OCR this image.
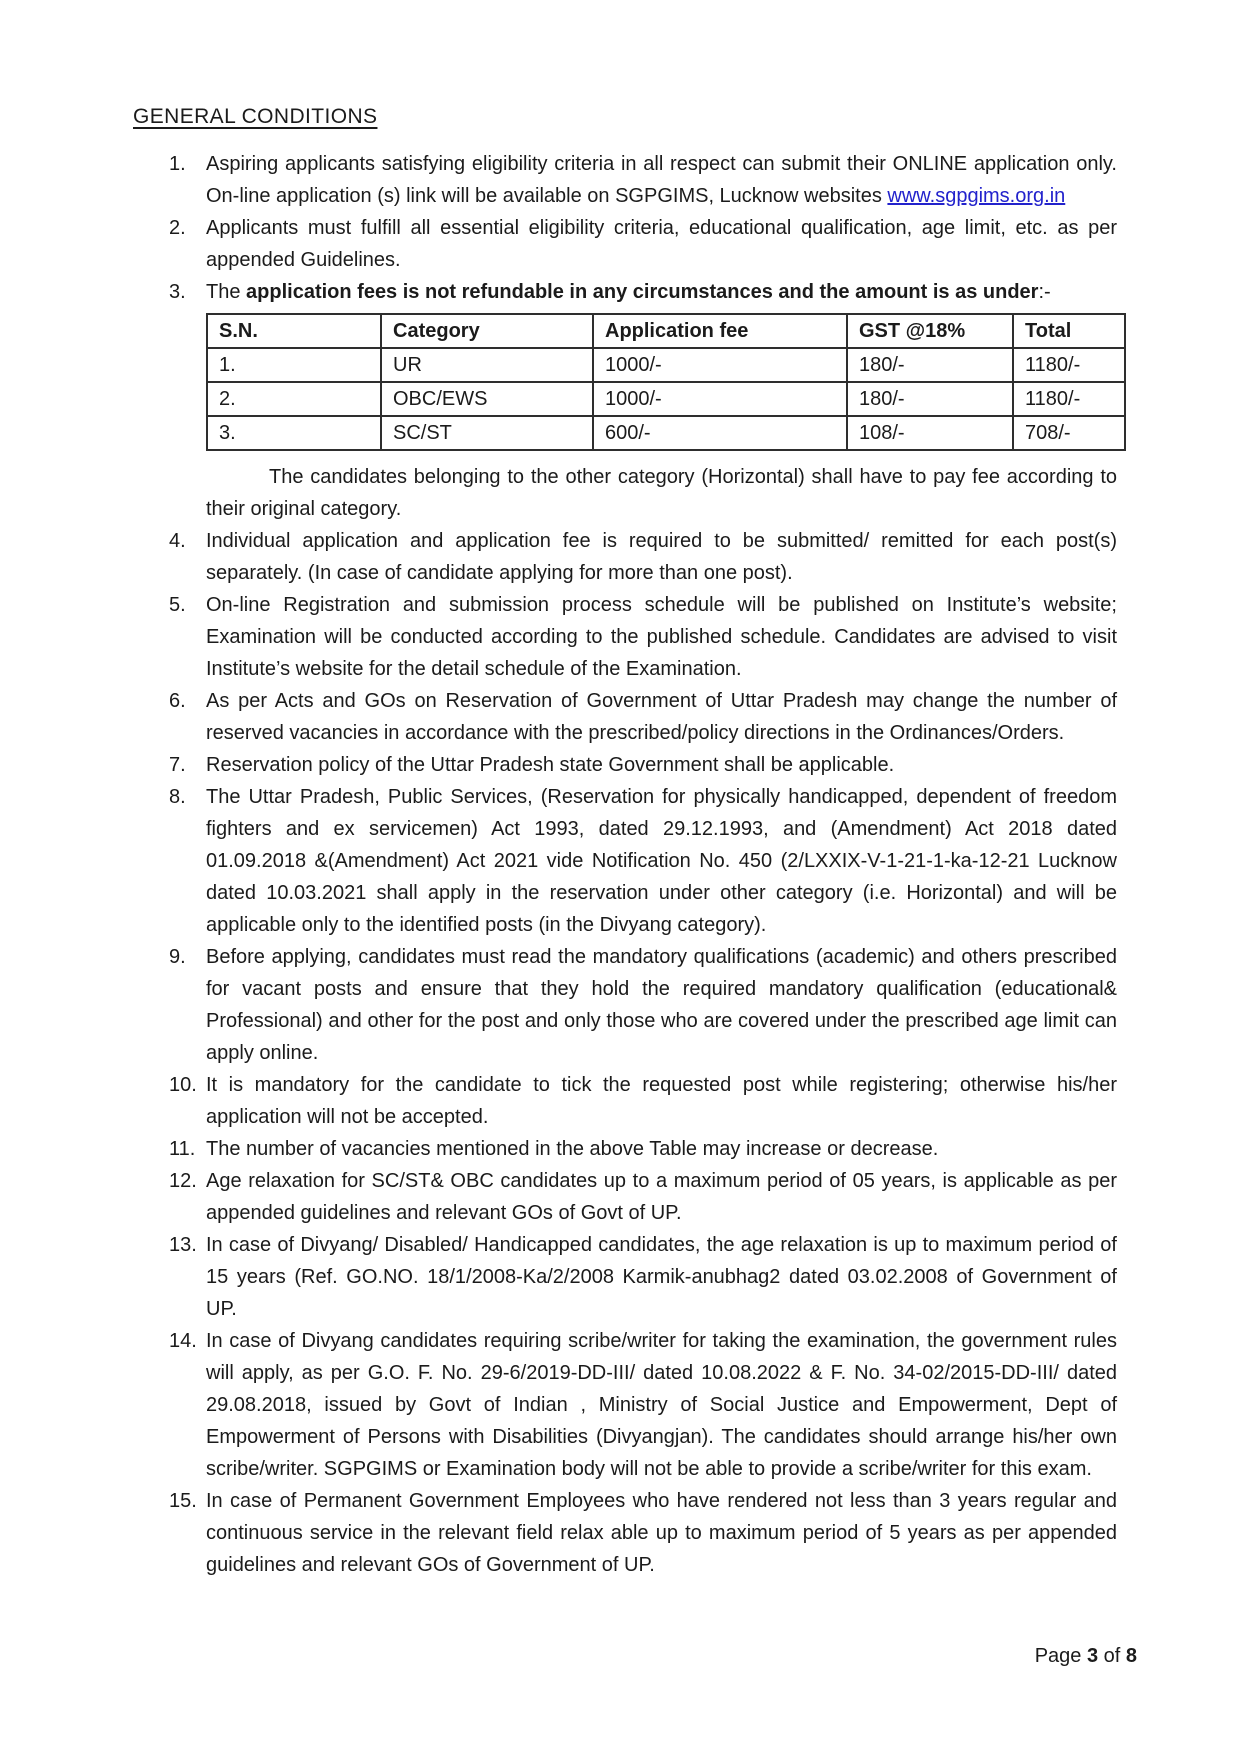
GENERAL CONDITIONS
1.	Aspiring applicants satisfying eligibility criteria in all respect can submit their ONLINE application only. On-line application (s) link will be available on SGPGIMS, Lucknow websites www.sgpgims.org.in
2.	Applicants must fulfill all essential eligibility criteria, educational qualification, age limit, etc. as per appended Guidelines.
3.	The application fees is not refundable in any circumstances and the amount is as under:-
S.N.	Category	Application fee	GST @18%	Total
1.	UR	1000/-	180/-	1180/-
2.	OBC/EWS	1000/-	180/-	1180/-
3.	SC/ST	600/-	108/-	708/-
The candidates belonging to the other category (Horizontal) shall have to pay fee according to their original category.
4.	Individual application and application fee is required to be submitted/ remitted for each post(s) separately. (In case of candidate applying for more than one post).
5.	On-line Registration and submission process schedule will be published on Institute’s website; Examination will be conducted according to the published schedule. Candidates are advised to visit Institute’s website for the detail schedule of the Examination.
6.	As per Acts and GOs on Reservation of Government of Uttar Pradesh may change the number of reserved vacancies in accordance with the prescribed/policy directions in the Ordinances/Orders.
7.	Reservation policy of the Uttar Pradesh state Government shall be applicable.
8.	The Uttar Pradesh, Public Services, (Reservation for physically handicapped, dependent of freedom fighters and ex servicemen) Act 1993, dated 29.12.1993, and (Amendment) Act 2018 dated 01.09.2018 &(Amendment) Act 2021 vide Notification No. 450 (2/LXXIX-V-1-21-1-ka-12-21 Lucknow dated 10.03.2021 shall apply in the reservation under other category (i.e. Horizontal) and will be applicable only to the identified posts (in the Divyang category).
9.	Before applying, candidates must read the mandatory qualifications (academic) and others prescribed for vacant posts and ensure that they hold the required mandatory qualification (educational& Professional) and other for the post and only those who are covered under the prescribed age limit can apply online.
10. It is mandatory for the candidate to tick the requested post while registering; otherwise his/her application will not be accepted.
11. The number of vacancies mentioned in the above Table may increase or decrease.
12. Age relaxation for SC/ST& OBC candidates up to a maximum period of 05 years, is applicable as per appended guidelines and relevant GOs of Govt of UP.
13. In case of Divyang/ Disabled/ Handicapped candidates, the age relaxation is up to maximum period of 15 years (Ref. GO.NO. 18/1/2008-Ka/2/2008 Karmik-anubhag2 dated 03.02.2008 of Government of UP.
14. In case of Divyang candidates requiring scribe/writer for taking the examination, the government rules will apply, as per G.O. F. No. 29-6/2019-DD-III/ dated 10.08.2022 & F. No. 34-02/2015-DD-III/ dated 29.08.2018, issued by Govt of Indian , Ministry of Social Justice and Empowerment, Dept of Empowerment of Persons with Disabilities (Divyangjan). The candidates should arrange his/her own scribe/writer. SGPGIMS or Examination body will not be able to provide a scribe/writer for this exam.
15. In case of Permanent Government Employees who have rendered not less than 3 years regular and continuous service in the relevant field relax able up to maximum period of 5 years as per appended guidelines and relevant GOs of Government of UP.
Page 3 of 8
